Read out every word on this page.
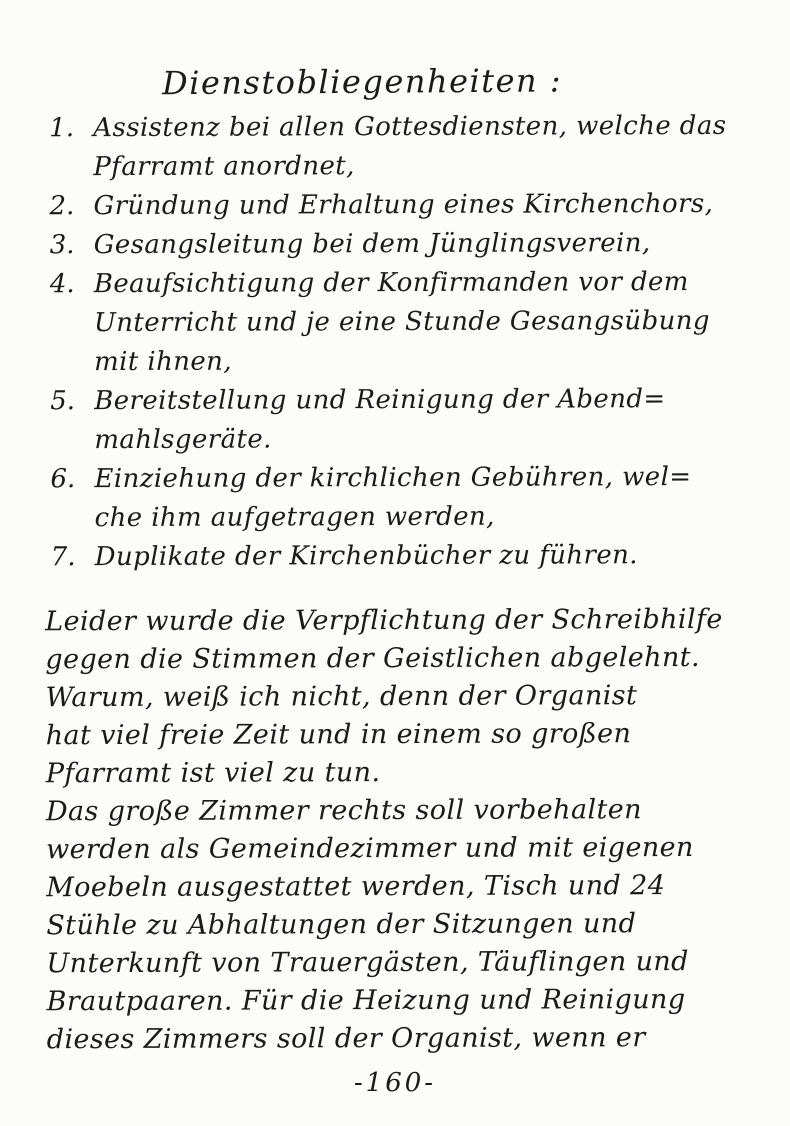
Dienstobliegenheiten :
1. Assistenz bei allen Gottesdiensten, welche das
Pfarramt anordnet,
2. Gründung und Erhaltung eines Kirchenchors,
3. Gesangsleitung bei dem Jünglingsverein,
4. Beaufsichtigung der Konfirmanden vor dem
Unterricht und je eine Stunde Gesangsübung
mit ihnen,
5. Bereitstellung und Reinigung der Abend=
mahlsgeräte.
6. Einziehung der kirchlichen Gebühren, wel=
che ihm aufgetragen werden,
7. Duplikate der Kirchenbücher zu führen.
Leider wurde die Verpflichtung der Schreibhilfe
gegen die Stimmen der Geistlichen abgelehnt.
Warum, weiß ich nicht, denn der Organist
hat viel freie Zeit und in einem so großen
Pfarramt ist viel zu tun.
Das große Zimmer rechts soll vorbehalten
werden als Gemeindezimmer und mit eigenen
Moebeln ausgestattet werden, Tisch und 24
Stühle zu Abhaltungen der Sitzungen und
Unterkunft von Trauergästen, Täuflingen und
Brautpaaren. Für die Heizung und Reinigung
dieses Zimmers soll der Organist, wenn er
-160-
